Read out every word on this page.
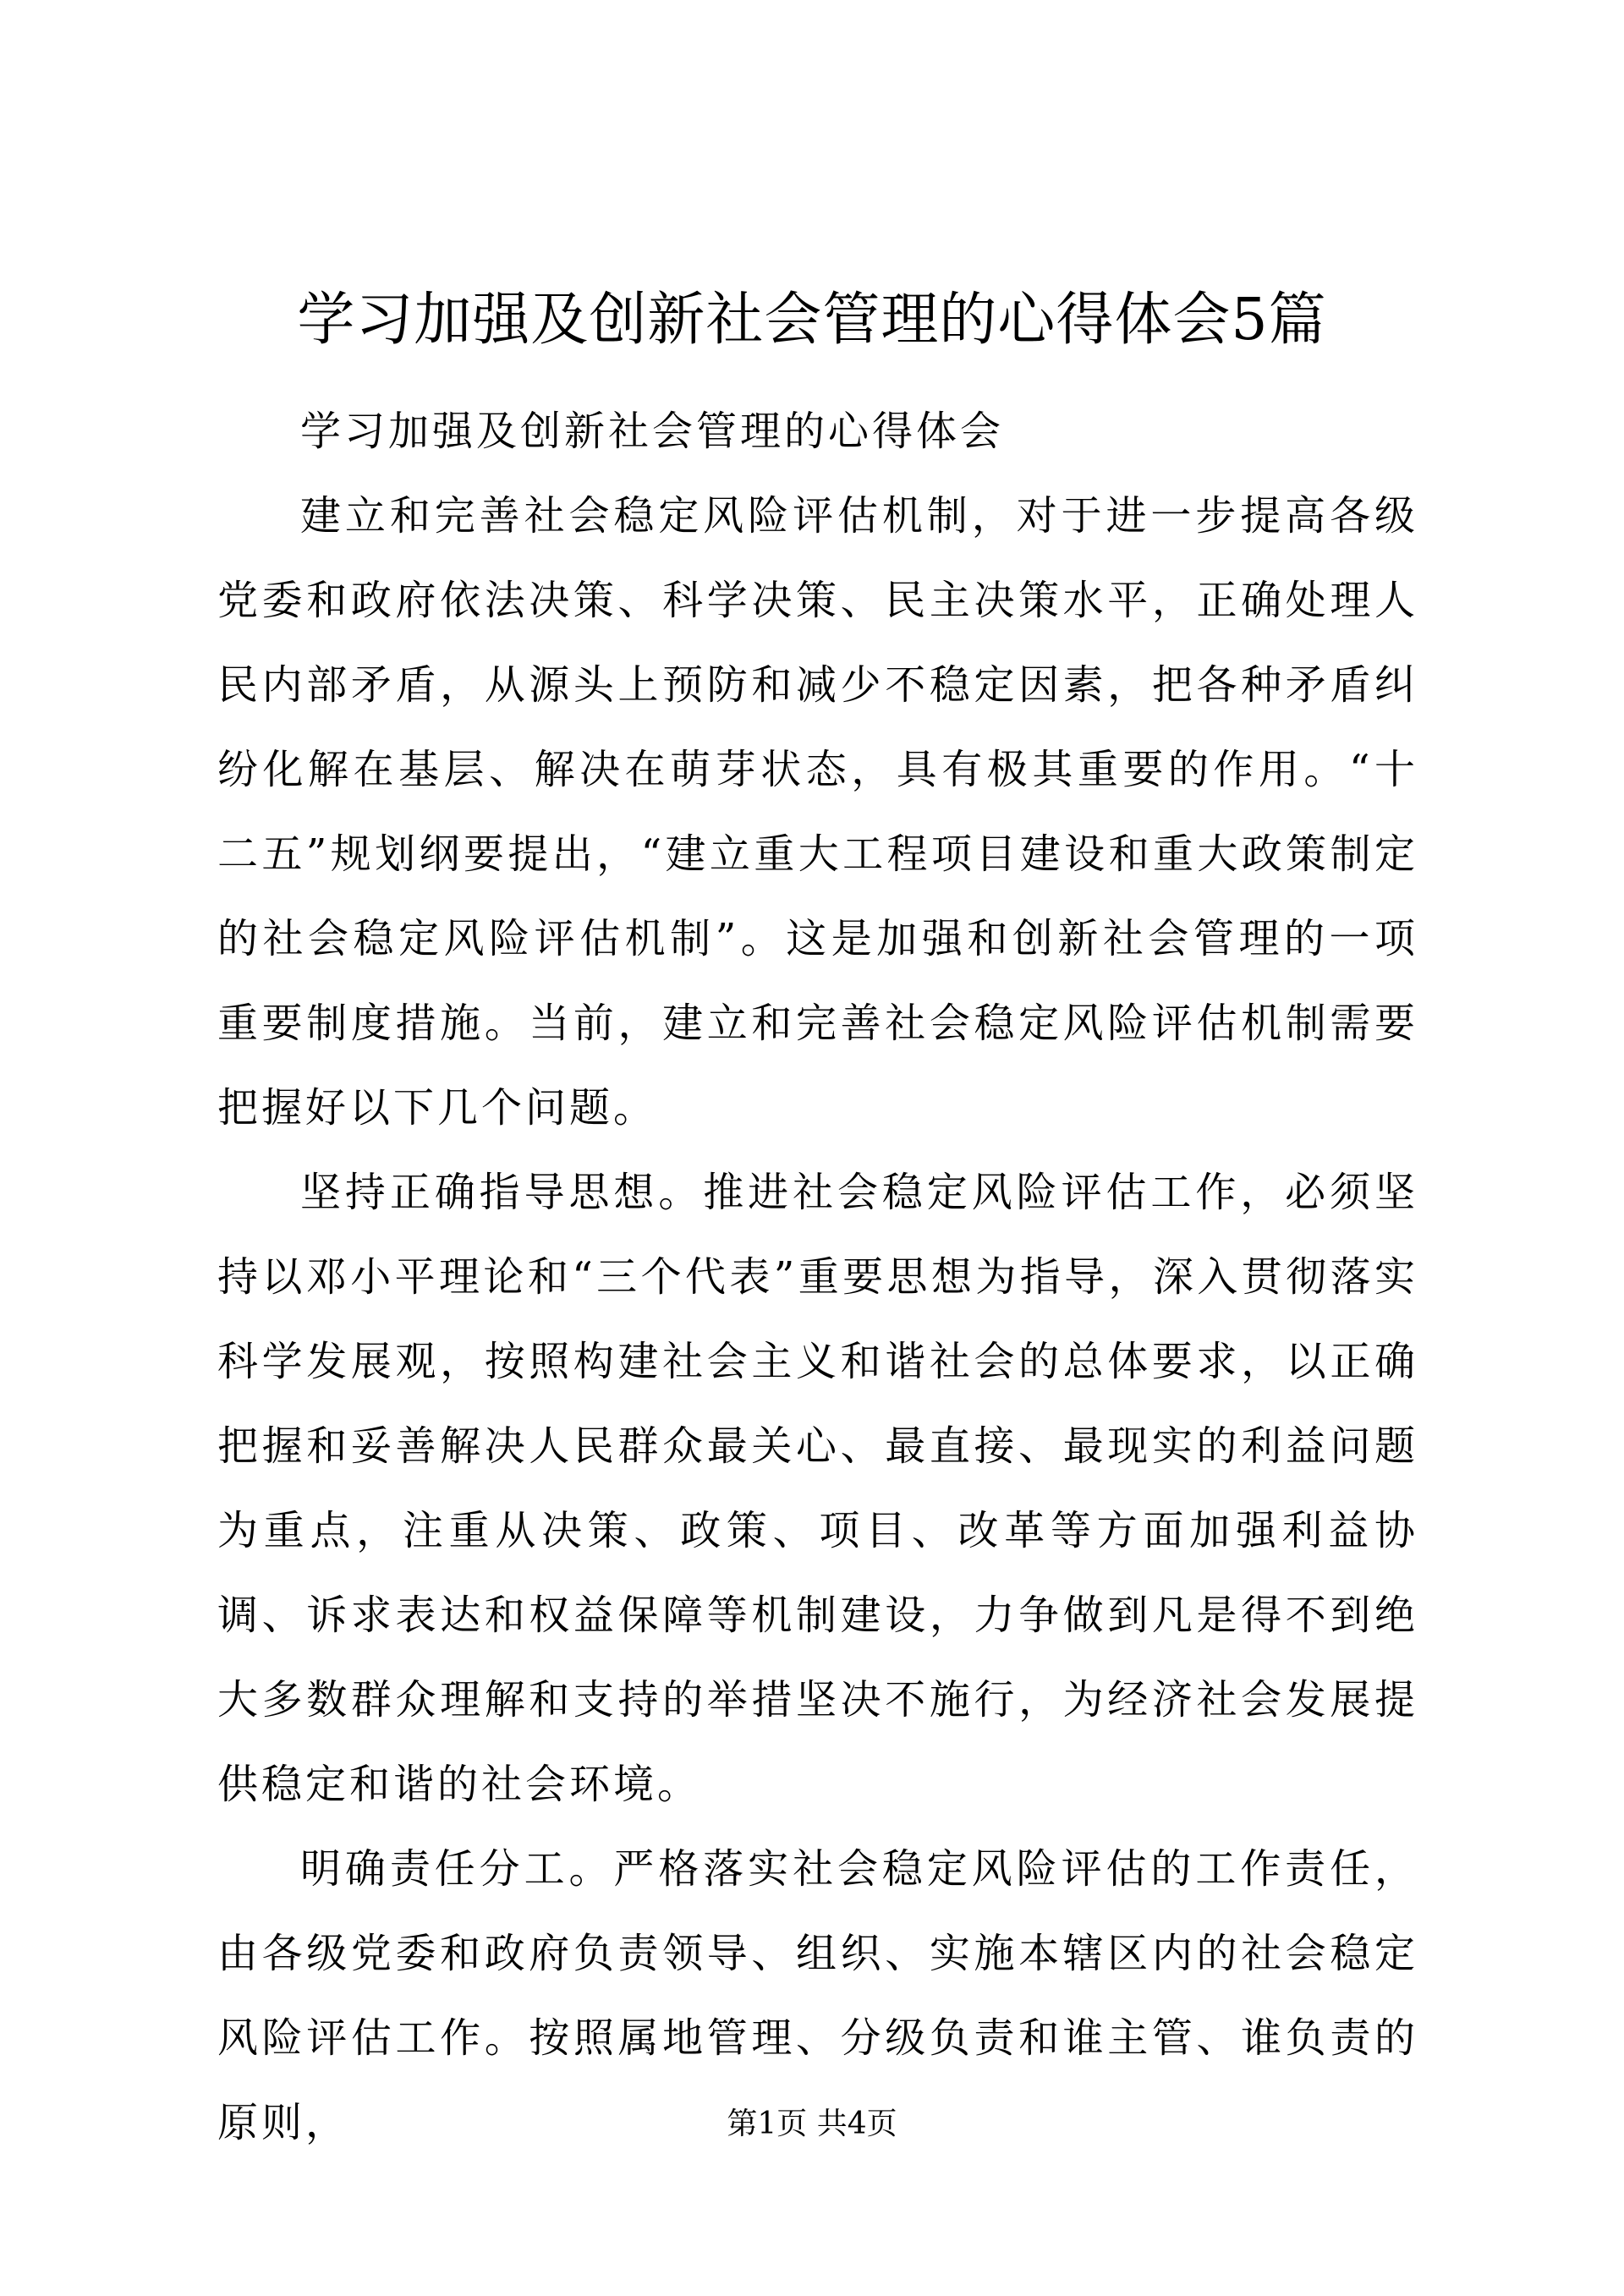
学习加强及创新社会管理的心得体会5篇

学习加强及创新社会管理的心得体会

建立和完善社会稳定风险评估机制，对于进一步提高各级党委和政府依法决策、科学决策、民主决策水平，正确处理人民内部矛盾，从源头上预防和减少不稳定因素，把各种矛盾纠纷化解在基层、解决在萌芽状态，具有极其重要的作用。“十二五”规划纲要提出，“建立重大工程项目建设和重大政策制定的社会稳定风险评估机制”。这是加强和创新社会管理的一项重要制度措施。当前，建立和完善社会稳定风险评估机制需要把握好以下几个问题。

坚持正确指导思想。推进社会稳定风险评估工作，必须坚持以邓小平理论和“三个代表”重要思想为指导，深入贯彻落实科学发展观，按照构建社会主义和谐社会的总体要求，以正确把握和妥善解决人民群众最关心、最直接、最现实的利益问题为重点，注重从决策、政策、项目、改革等方面加强利益协调、诉求表达和权益保障等机制建设，力争做到凡是得不到绝大多数群众理解和支持的举措坚决不施行，为经济社会发展提供稳定和谐的社会环境。

明确责任分工。严格落实社会稳定风险评估的工作责任，由各级党委和政府负责领导、组织、实施本辖区内的社会稳定风险评估工作。按照属地管理、分级负责和谁主管、谁负责的原则，	第1页 共4页
